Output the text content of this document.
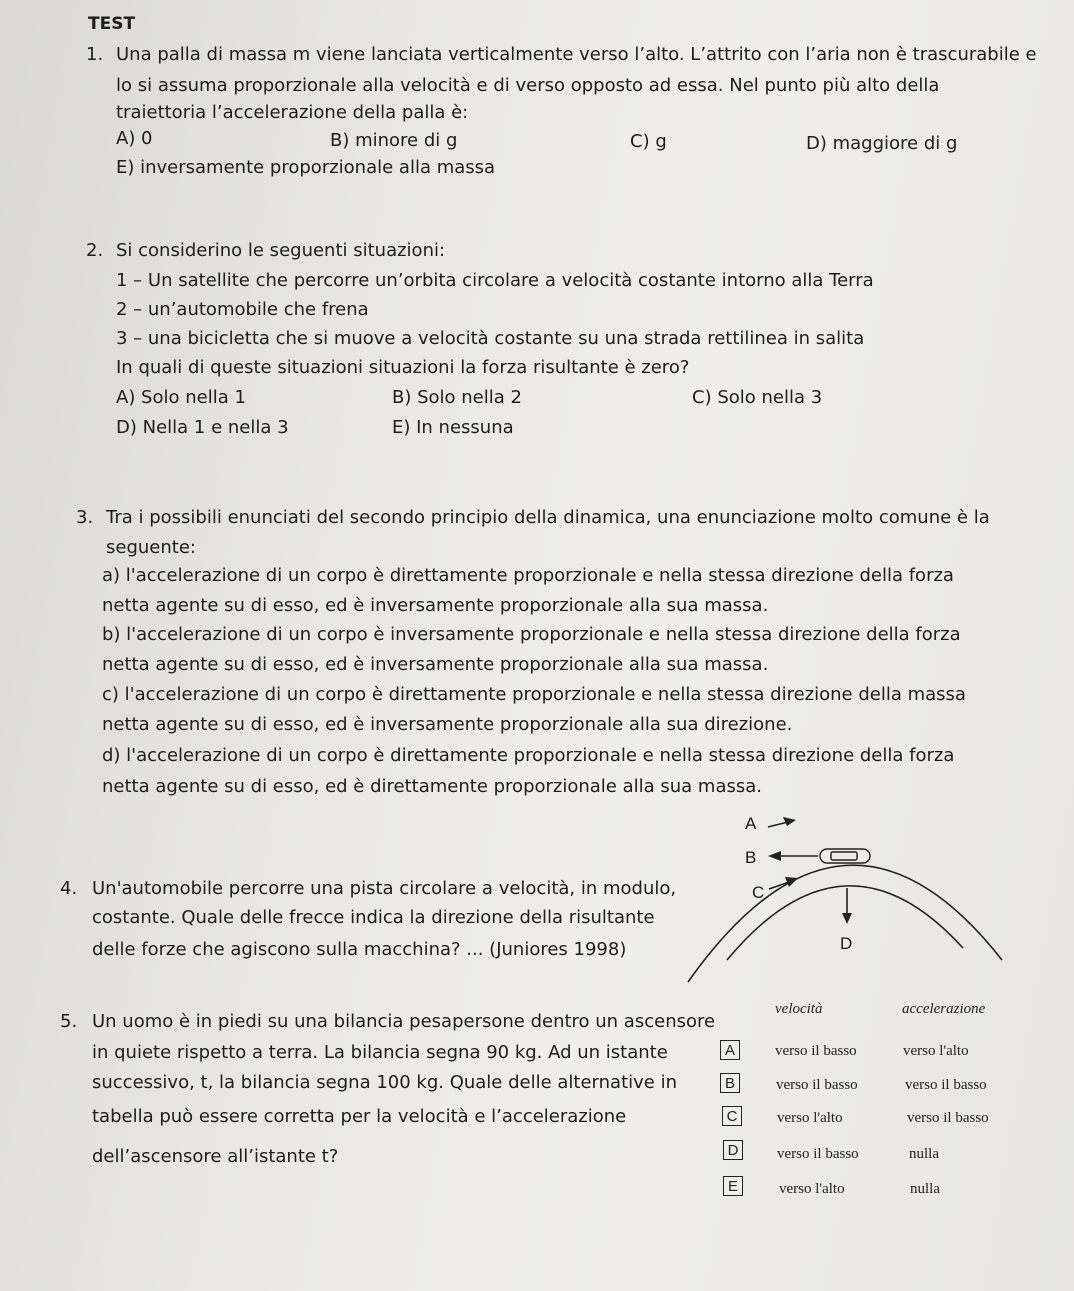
TEST
1. Una palla di massa m viene lanciata verticalmente verso l’alto. L’attrito con l’aria non è trascurabile e
lo si assuma proporzionale alla velocità e di verso opposto ad essa. Nel punto più alto della
traiettoria l’accelerazione della palla è:
A) 0	B) minore di g	C) g	D) maggiore di g
E) inversamente proporzionale alla massa
2. Si considerino le seguenti situazioni:
1 – Un satellite che percorre un’orbita circolare a velocità costante intorno alla Terra
2 – un’automobile che frena
3 – una bicicletta che si muove a velocità costante su una strada rettilinea in salita
In quali di queste situazioni situazioni la forza risultante è zero?
A) Solo nella 1	B) Solo nella 2	C) Solo nella 3
D) Nella 1 e nella 3	E) In nessuna
3. Tra i possibili enunciati del secondo principio della dinamica, una enunciazione molto comune è la
seguente:
a) l'accelerazione di un corpo è direttamente proporzionale e nella stessa direzione della forza
netta agente su di esso, ed è inversamente proporzionale alla sua massa.
b) l'accelerazione di un corpo è inversamente proporzionale e nella stessa direzione della forza
netta agente su di esso, ed è inversamente proporzionale alla sua massa.
c) l'accelerazione di un corpo è direttamente proporzionale e nella stessa direzione della massa
netta agente su di esso, ed è inversamente proporzionale alla sua direzione.
d) l'accelerazione di un corpo è direttamente proporzionale e nella stessa direzione della forza
netta agente su di esso, ed è direttamente proporzionale alla sua massa.
4. Un'automobile percorre una pista circolare a velocità, in modulo,
costante. Quale delle frecce indica la direzione della risultante
delle forze che agiscono sulla macchina? ... (Juniores 1998)
A
B
C
D
5. Un uomo è in piedi su una bilancia pesapersone dentro un ascensore
in quiete rispetto a terra. La bilancia segna 90 kg. Ad un istante
successivo, t, la bilancia segna 100 kg. Quale delle alternative in
tabella può essere corretta per la velocità e l’accelerazione
dell’ascensore all’istante t?
velocità	accelerazione
A	verso il basso	verso l'alto
B	verso il basso	verso il basso
C	verso l'alto	verso il basso
D	verso il basso	nulla
E	verso l'alto	nulla
